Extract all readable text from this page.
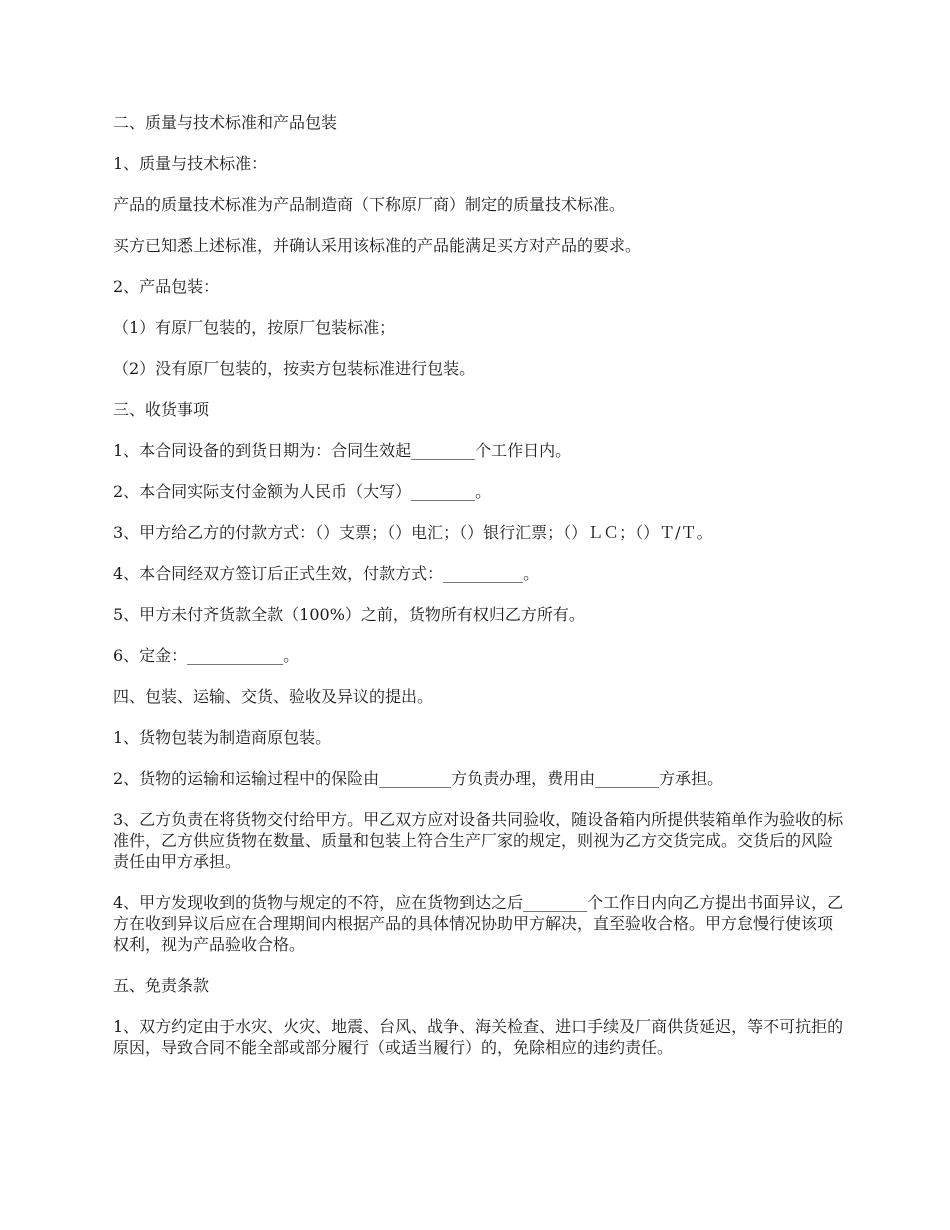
二、质量与技术标准和产品包装

1、质量与技术标准：

产品的质量技术标准为产品制造商（下称原厂商）制定的质量技术标准。

买方已知悉上述标准，并确认采用该标准的产品能满足买方对产品的要求。

2、产品包装：

（1）有原厂包装的，按原厂包装标准；

（2）没有原厂包装的，按卖方包装标准进行包装。

三、收货事项

1、本合同设备的到货日期为：合同生效起________个工作日内。

2、本合同实际支付金额为人民币（大写）________。

3、甲方给乙方的付款方式：（）支票；（）电汇；（）银行汇票；（）ＬＣ；（）Ｔ/Ｔ。

4、本合同经双方签订后正式生效，付款方式：__________。

5、甲方未付齐货款全款（100%）之前，货物所有权归乙方所有。

6、定金：____________。

四、包装、运输、交货、验收及异议的提出。

1、货物包装为制造商原包装。

2、货物的运输和运输过程中的保险由_________方负责办理，费用由________方承担。

3、乙方负责在将货物交付给甲方。甲乙双方应对设备共同验收，随设备箱内所提供装箱单作为验收的标准件，乙方供应货物在数量、质量和包装上符合生产厂家的规定，则视为乙方交货完成。交货后的风险责任由甲方承担。

4、甲方发现收到的货物与规定的不符，应在货物到达之后________个工作日内向乙方提出书面异议，乙方在收到异议后应在合理期间内根据产品的具体情况协助甲方解决，直至验收合格。甲方怠慢行使该项权利，视为产品验收合格。

五、免责条款

1、双方约定由于水灾、火灾、地震、台风、战争、海关检查、进口手续及厂商供货延迟，等不可抗拒的原因，导致合同不能全部或部分履行（或适当履行）的，免除相应的违约责任。
